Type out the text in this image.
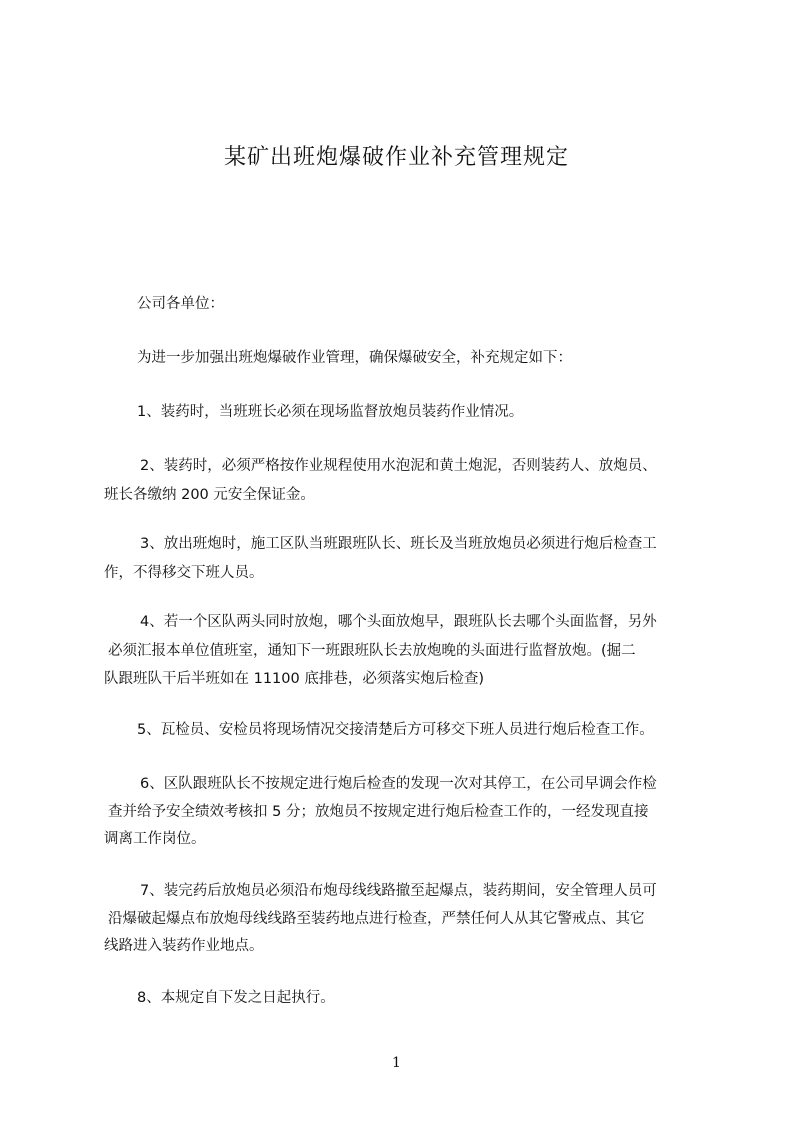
某矿出班炮爆破作业补充管理规定
公司各单位：
为进一步加强出班炮爆破作业管理，确保爆破安全，补充规定如下：
1、装药时，当班班长必须在现场监督放炮员装药作业情况。
2、装药时，必须严格按作业规程使用水泡泥和黄土炮泥，否则装药人、放炮员、
班长各缴纳 200 元安全保证金。
3、放出班炮时，施工区队当班跟班队长、班长及当班放炮员必须进行炮后检查工
作，不得移交下班人员。
4、若一个区队两头同时放炮，哪个头面放炮早，跟班队长去哪个头面监督，另外
必须汇报本单位值班室，通知下一班跟班队长去放炮晚的头面进行监督放炮。(掘二
队跟班队干后半班如在 11100 底排巷，必须落实炮后检查)
5、瓦检员、安检员将现场情况交接清楚后方可移交下班人员进行炮后检查工作。
6、区队跟班队长不按规定进行炮后检查的发现一次对其停工，在公司早调会作检
查并给予安全绩效考核扣 5 分；放炮员不按规定进行炮后检查工作的，一经发现直接
调离工作岗位。
7、装完药后放炮员必须沿布炮母线线路撤至起爆点，装药期间，安全管理人员可
沿爆破起爆点布放炮母线线路至装药地点进行检查，严禁任何人从其它警戒点、其它
线路进入装药作业地点。
8、本规定自下发之日起执行。
1
